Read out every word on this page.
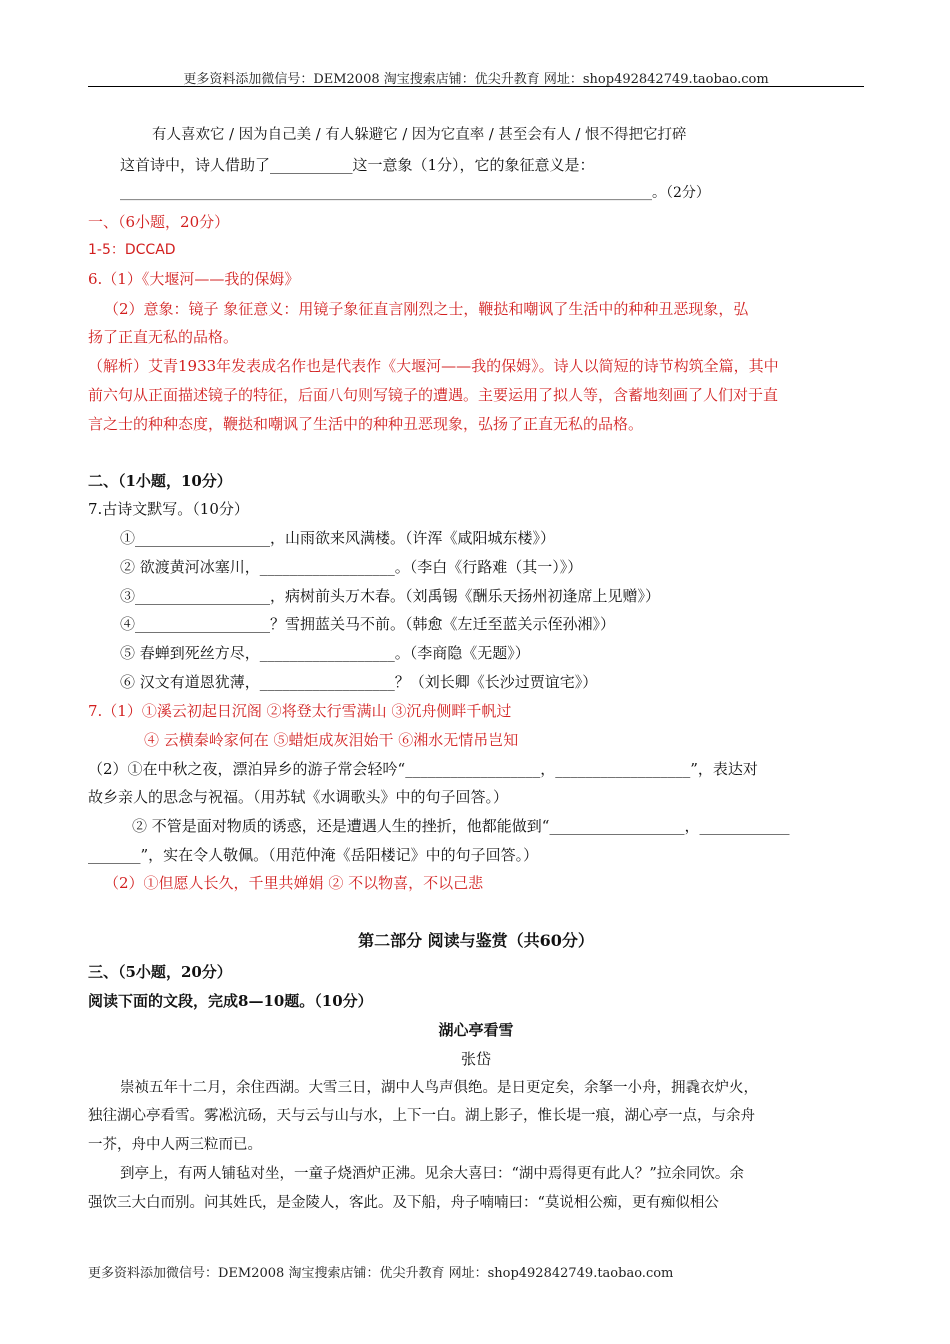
更多资料添加微信号：DEM2008 淘宝搜索店铺：优尖升教育 网址：shop492842749.taobao.com
有人喜欢它 / 因为自己美 / 有人躲避它 / 因为它直率 / 甚至会有人 / 恨不得把它打碎
这首诗中，诗人借助了___________这一意象（1分），它的象征意义是：
____________________________________________________________________________。（2分）
一、（6小题，20分）
1-5：DCCAD
6.（1）《大堰河——我的保姆》
（2）意象：镜子 象征意义：用镜子象征直言刚烈之士，鞭挞和嘲讽了生活中的种种丑恶现象，弘
扬了正直无私的品格。
（解析）艾青1933年发表成名作也是代表作《大堰河——我的保姆》。诗人以简短的诗节构筑全篇，其中
前六句从正面描述镜子的特征，后面八句则写镜子的遭遇。主要运用了拟人等，含蓄地刻画了人们对于直
言之士的种种态度，鞭挞和嘲讽了生活中的种种丑恶现象，弘扬了正直无私的品格。
二、（1小题，10分）
7.古诗文默写。（10分）
①__________________，山雨欲来风满楼。（许浑《咸阳城东楼》）
② 欲渡黄河冰塞川，__________________。（李白《行路难（其一）》）
③__________________，病树前头万木春。（刘禹锡《酬乐天扬州初逢席上见赠》）
④__________________？雪拥蓝关马不前。（韩愈《左迁至蓝关示侄孙湘》）
⑤ 春蝉到死丝方尽，__________________。（李商隐《无题》）
⑥ 汉文有道恩犹薄，__________________？（刘长卿《长沙过贾谊宅》）
7.（1）①溪云初起日沉阁 ②将登太行雪满山 ③沉舟侧畔千帆过
④ 云横秦岭家何在 ⑤蜡炬成灰泪始干 ⑥湘水无情吊岂知
（2）①在中秋之夜，漂泊异乡的游子常会轻吟“__________________，__________________”，表达对
故乡亲人的思念与祝福。（用苏轼《水调歌头》中的句子回答。）
② 不管是面对物质的诱惑，还是遭遇人生的挫折，他都能做到“__________________，____________
_______”，实在令人敬佩。（用范仲淹《岳阳楼记》中的句子回答。）
（2）①但愿人长久，千里共婵娟 ② 不以物喜，不以己悲
第二部分 阅读与鉴赏（共60分）
三、（5小题，20分）
阅读下面的文段，完成8—10题。（10分）
湖心亭看雪
张岱
崇祯五年十二月，余住西湖。大雪三日，湖中人鸟声俱绝。是日更定矣，余拏一小舟，拥毳衣炉火，
独往湖心亭看雪。雾凇沆砀，天与云与山与水，上下一白。湖上影子，惟长堤一痕，湖心亭一点，与余舟
一芥，舟中人两三粒而已。
到亭上，有两人铺毡对坐，一童子烧酒炉正沸。见余大喜曰：“湖中焉得更有此人？”拉余同饮。余
强饮三大白而别。问其姓氏，是金陵人，客此。及下船，舟子喃喃曰：“莫说相公痴，更有痴似相公
更多资料添加微信号：DEM2008 淘宝搜索店铺：优尖升教育 网址：shop492842749.taobao.com
